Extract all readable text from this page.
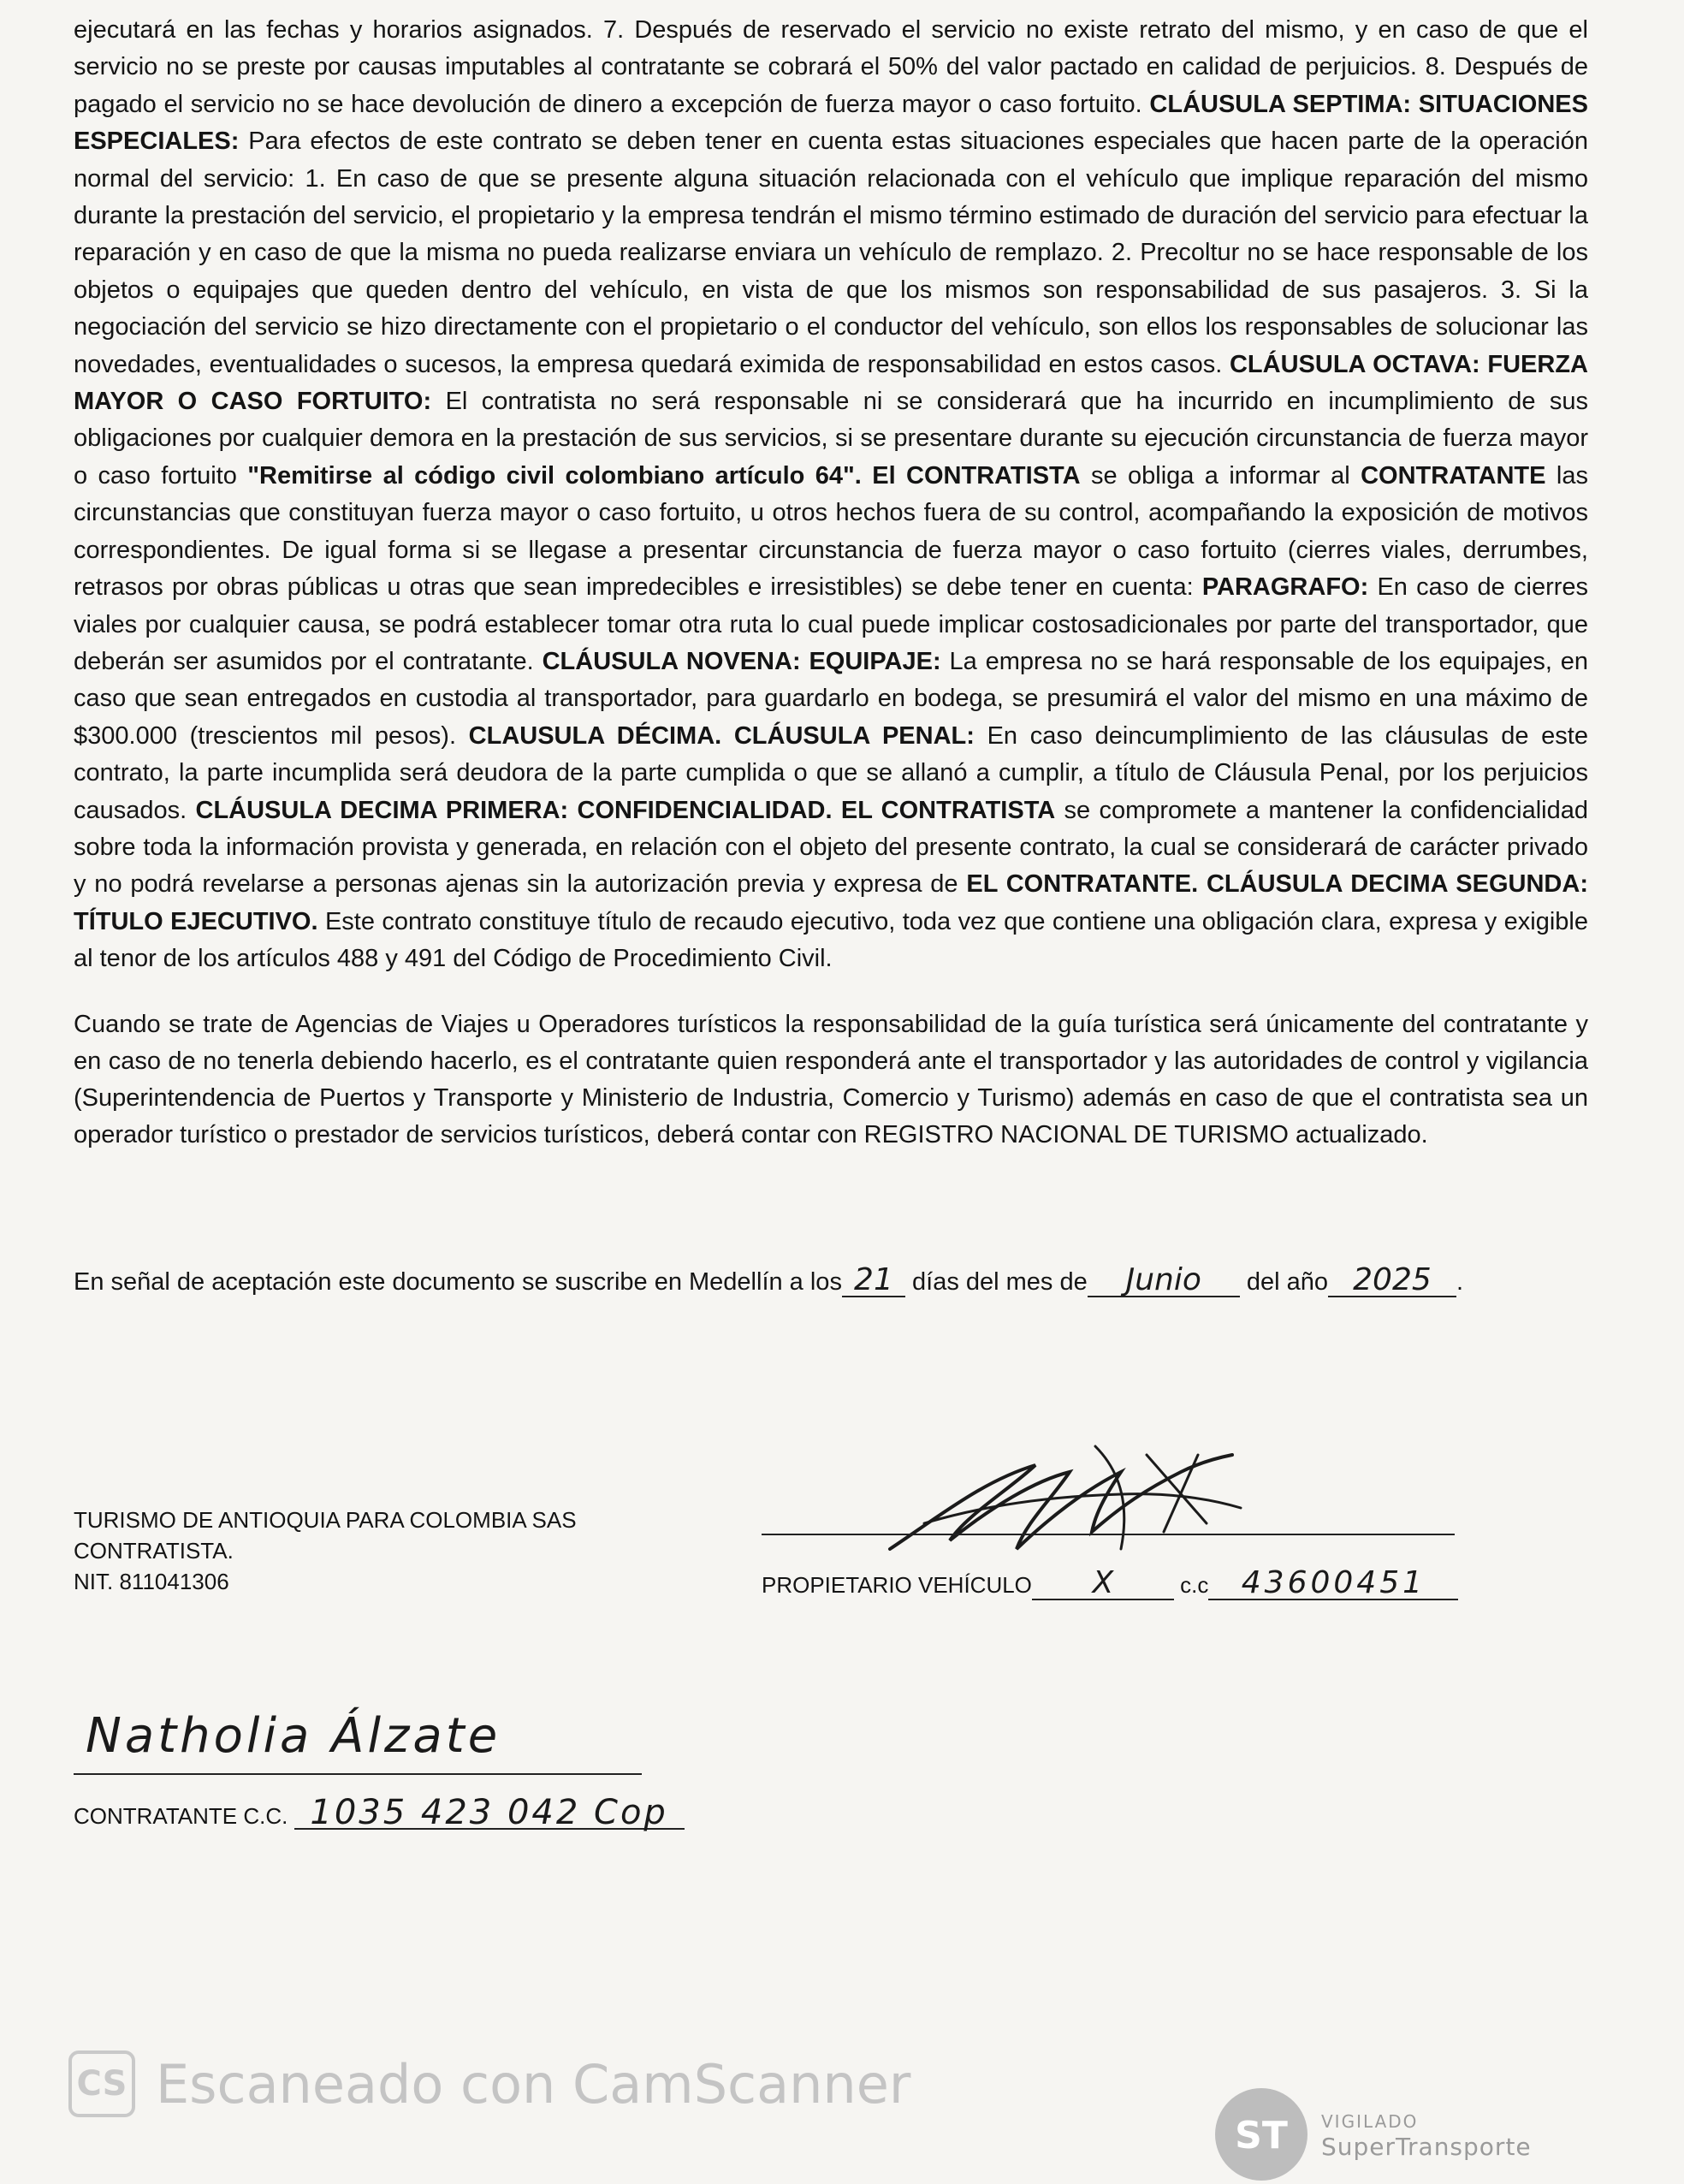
ejecutará en las fechas y horarios asignados. 7. Después de reservado el servicio no existe retrato del mismo, y en caso de que el servicio no se preste por causas imputables al contratante se cobrará el 50% del valor pactado en calidad de perjuicios. 8. Después de pagado el servicio no se hace devolución de dinero a excepción de fuerza mayor o caso fortuito. CLÁUSULA SEPTIMA: SITUACIONES ESPECIALES: Para efectos de este contrato se deben tener en cuenta estas situaciones especiales que hacen parte de la operación normal del servicio: 1. En caso de que se presente alguna situación relacionada con el vehículo que implique reparación del mismo durante la prestación del servicio, el propietario y la empresa tendrán el mismo término estimado de duración del servicio para efectuar la reparación y en caso de que la misma no pueda realizarse enviara un vehículo de remplazo. 2. Precoltur no se hace responsable de los objetos o equipajes que queden dentro del vehículo, en vista de que los mismos son responsabilidad de sus pasajeros. 3. Si la negociación del servicio se hizo directamente con el propietario o el conductor del vehículo, son ellos los responsables de solucionar las novedades, eventualidades o sucesos, la empresa quedará eximida de responsabilidad en estos casos. CLÁUSULA OCTAVA: FUERZA MAYOR O CASO FORTUITO: El contratista no será responsable ni se considerará que ha incurrido en incumplimiento de sus obligaciones por cualquier demora en la prestación de sus servicios, si se presentare durante su ejecución circunstancia de fuerza mayor o caso fortuito "Remitirse al código civil colombiano artículo 64". El CONTRATISTA se obliga a informar al CONTRATANTE las circunstancias que constituyan fuerza mayor o caso fortuito, u otros hechos fuera de su control, acompañando la exposición de motivos correspondientes. De igual forma si se llegase a presentar circunstancia de fuerza mayor o caso fortuito (cierres viales, derrumbes, retrasos por obras públicas u otras que sean impredecibles e irresistibles) se debe tener en cuenta: PARAGRAFO: En caso de cierres viales por cualquier causa, se podrá establecer tomar otra ruta lo cual puede implicar costosadicionales por parte del transportador, que deberán ser asumidos por el contratante. CLÁUSULA NOVENA: EQUIPAJE: La empresa no se hará responsable de los equipajes, en caso que sean entregados en custodia al transportador, para guardarlo en bodega, se presumirá el valor del mismo en una máximo de $300.000 (trescientos mil pesos). CLAUSULA DÉCIMA. CLÁUSULA PENAL: En caso deincumplimiento de las cláusulas de este contrato, la parte incumplida será deudora de la parte cumplida o que se allanó a cumplir, a título de Cláusula Penal, por los perjuicios causados. CLÁUSULA DECIMA PRIMERA: CONFIDENCIALIDAD. EL CONTRATISTA se compromete a mantener la confidencialidad sobre toda la información provista y generada, en relación con el objeto del presente contrato, la cual se considerará de carácter privado y no podrá revelarse a personas ajenas sin la autorización previa y expresa de EL CONTRATANTE. CLÁUSULA DECIMA SEGUNDA: TÍTULO EJECUTIVO. Este contrato constituye título de recaudo ejecutivo, toda vez que contiene una obligación clara, expresa y exigible al tenor de los artículos 488 y 491 del Código de Procedimiento Civil.

Cuando se trate de Agencias de Viajes u Operadores turísticos la responsabilidad de la guía turística será únicamente del contratante y en caso de no tenerla debiendo hacerlo, es el contratante quien responderá ante el transportador y las autoridades de control y vigilancia (Superintendencia de Puertos y Transporte y Ministerio de Industria, Comercio y Turismo) además en caso de que el contratista sea un operador turístico o prestador de servicios turísticos, deberá contar con REGISTRO NACIONAL DE TURISMO actualizado.

En señal de aceptación este documento se suscribe en Medellín a los 21 días del mes de Junio del año 2025 .
TURISMO DE ANTIOQUIA PARA COLOMBIA SAS
CONTRATISTA.
NIT. 811041306	PROPIETARIO VEHÍCULO X	c.c 43600451
Natholia Álzate
CONTRATANTE C.C. 1035 423 042 Cop
CS Escaneado con CamScanner
ST VIGILADO
SuperTransporte
